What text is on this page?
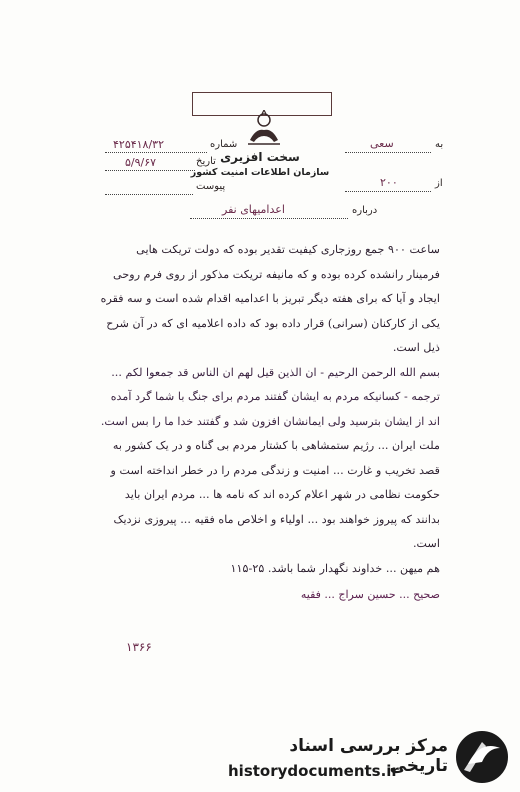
سخت افزیری
سازمان اطلاعات امنیت کشور
شماره
۴۲۵۴۱۸/۳۲
تاریخ
۵/۹/۶۷
پیوست
به
سعی
از
۲۰۰
درباره
اعدامیهای نفر

ساعت ۹۰۰ جمع روزجاری کیفیت تقدیر بوده که دولت تریکت هایی فرمینار رانشده کرده بوده و که مانیفه تریکت مذکور از روی فرم روحی ایجاد و آیا که برای هفته دیگر تبریز با اعدامیه اقدام شده است و سه فقره یکی از کارکنان (سرانی) قرار داده بود که داده اعلامیه ای که در آن شرح ذیل است.

بسم الله الرحمن الرحیم - ان الذین قیل لهم ان الناس قد جمعوا لکم ...

ترجمه - کسانیکه مردم به ایشان گفتند مردم برای جنگ با شما گرد آمده اند از ایشان بترسید ولی ایمانشان افزون شد و گفتند خدا ما را بس است.

ملت ایران ... رژیم ستمشاهی با کشتار مردم بی گناه و در یک کشور به قصد تخریب و غارت ... امنیت و زندگی مردم را در خطر انداخته است و حکومت نظامی در شهر اعلام کرده اند که نامه ها ... مردم ایران باید بدانند که پیروز خواهند بود ... اولیاء و اخلاص ماه فقیه ... پیروزی نزدیک است.

هم میهن ... خداوند نگهدار شما باشد. ۲۵-۱۱۵

صحیح ... حسین سراج ... فقیه

۱۳۶۶
مرکز بررسی اسناد تاریخی
historydocuments.ir
